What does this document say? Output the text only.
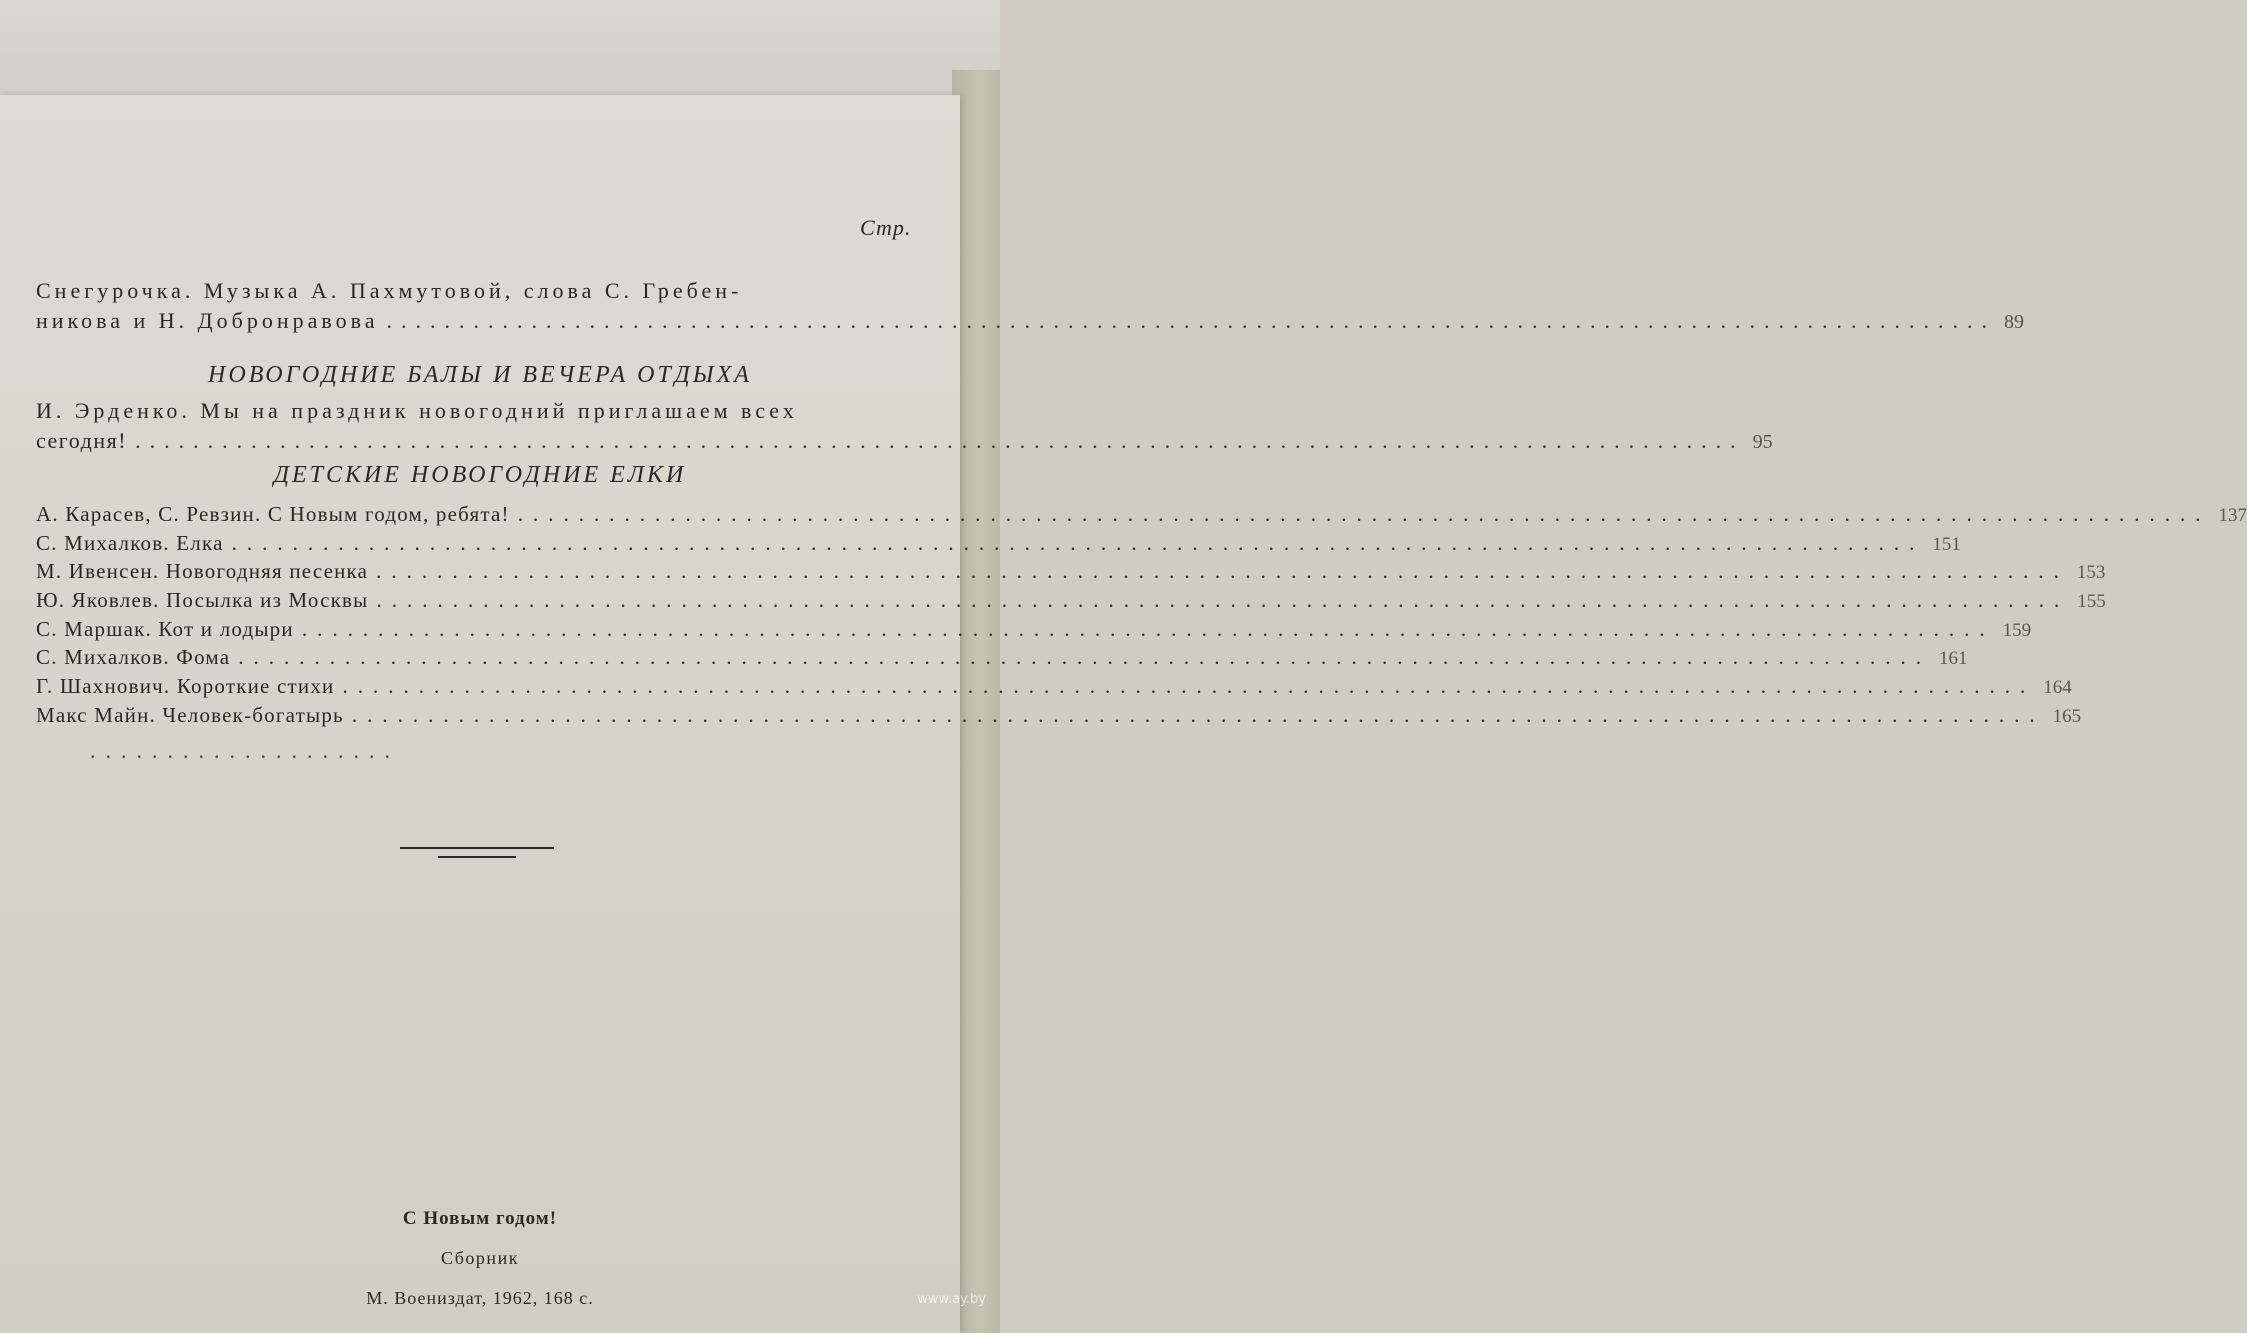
Стр.
Снегурочка. Музыка А. Пахмутовой, слова С. Гребен-
никова и Н. Добронравова .....	89
НОВОГОДНИЕ БАЛЫ И ВЕЧЕРА ОТДЫХА
И. Эрденко. Мы на праздник новогодний приглашаем всех
сегодня! .....	95
ДЕТСКИЕ НОВОГОДНИЕ ЕЛКИ
А. Карасев, С. Ревзин. С Новым годом, ребята! .....	137
С. Михалков. Елка .....	151
М. Ивенсен. Новогодняя песенка .....	153
Ю. Яковлев. Посылка из Москвы .....	155
С. Маршак. Кот и лодыри .....	159
С. Михалков. Фома .....	161
Г. Шахнович. Короткие стихи .....	164
Макс Майн. Человек-богатырь .....	165
....................
С Новым годом!
Сборник
М. Воениздат, 1962, 168 с.	www.ay.by
